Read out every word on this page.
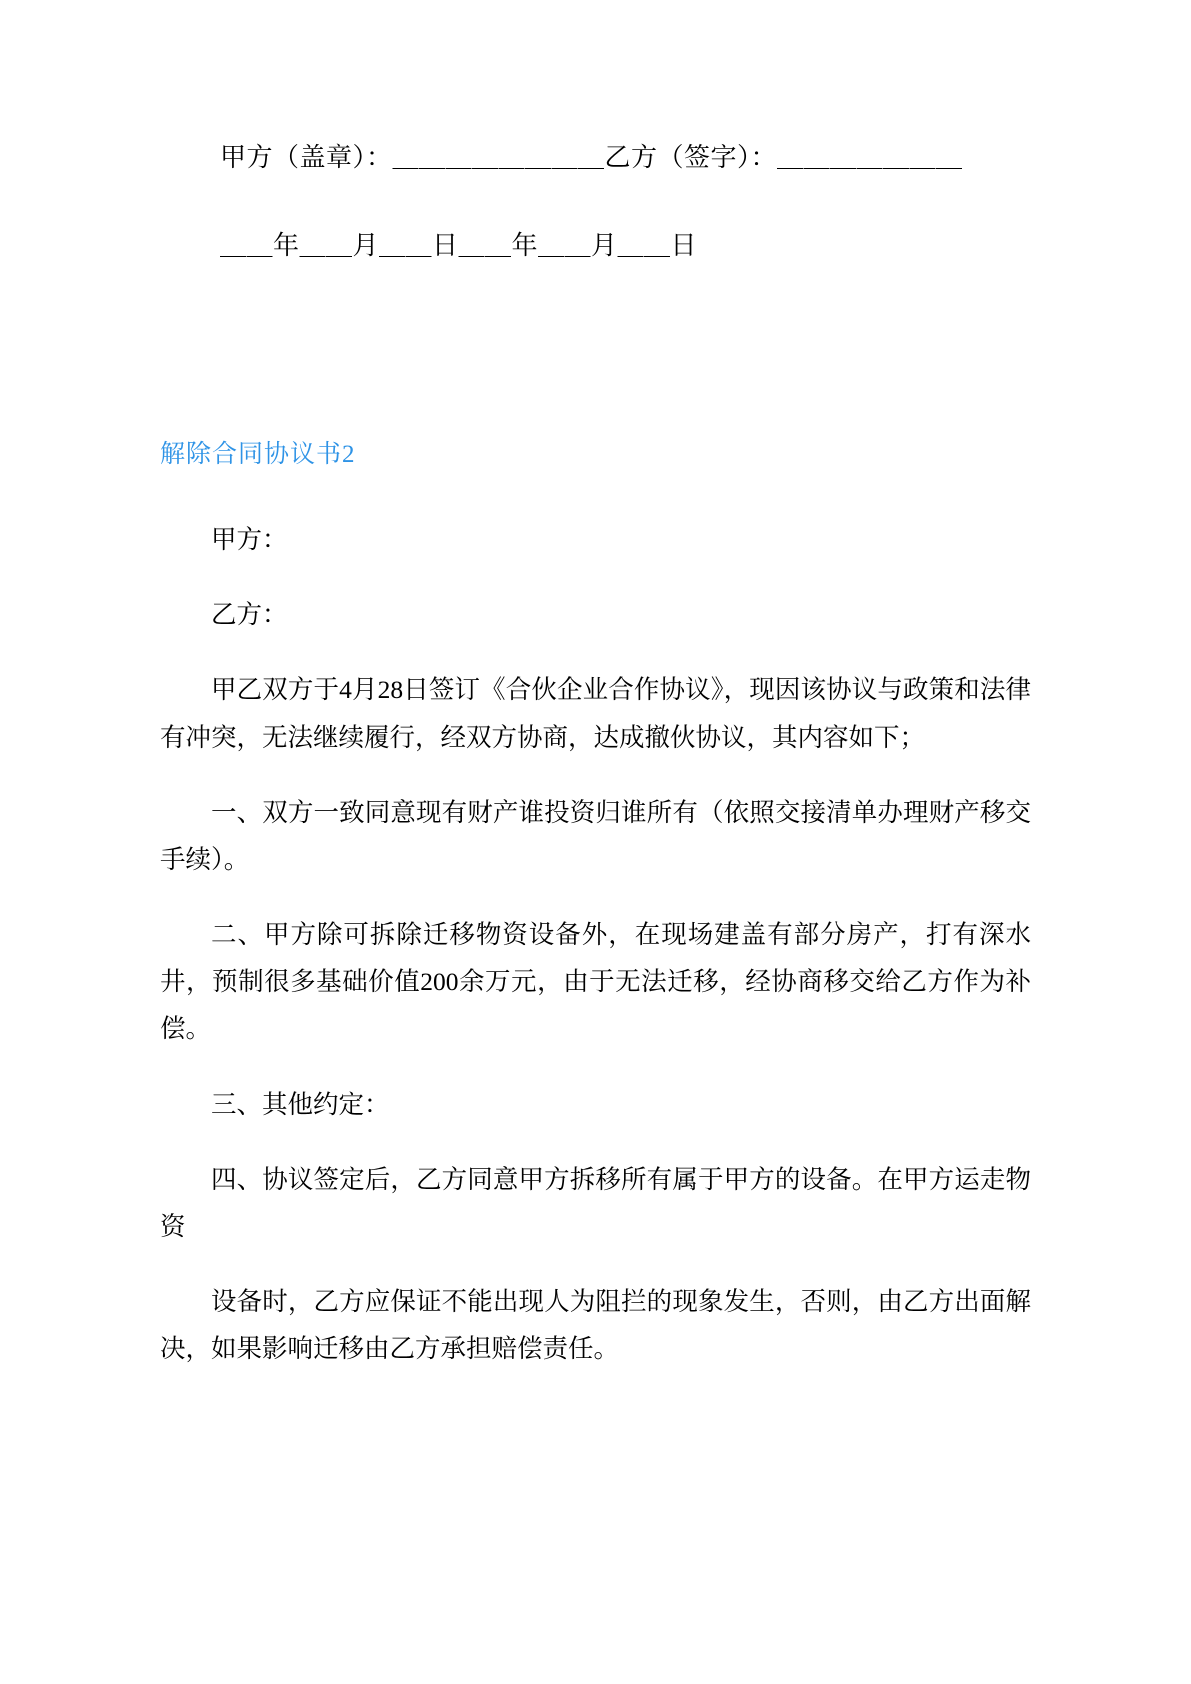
甲方（盖章）：＿＿＿＿＿＿＿＿乙方（签字）：＿＿＿＿＿＿＿
＿＿年＿＿月＿＿日＿＿年＿＿月＿＿日
解除合同协议书2

甲方：

乙方：

甲乙双方于4月28日签订《合伙企业合作协议》，现因该协议与政策和法律有冲突，无法继续履行，经双方协商，达成撤伙协议，其内容如下；

一、双方一致同意现有财产谁投资归谁所有（依照交接清单办理财产移交手续）。

二、甲方除可拆除迁移物资设备外，在现场建盖有部分房产，打有深水井，预制很多基础价值200余万元，由于无法迁移，经协商移交给乙方作为补偿。

三、其他约定：

四、协议签定后，乙方同意甲方拆移所有属于甲方的设备。在甲方运走物资

设备时，乙方应保证不能出现人为阻拦的现象发生，否则，由乙方出面解决，如果影响迁移由乙方承担赔偿责任。
